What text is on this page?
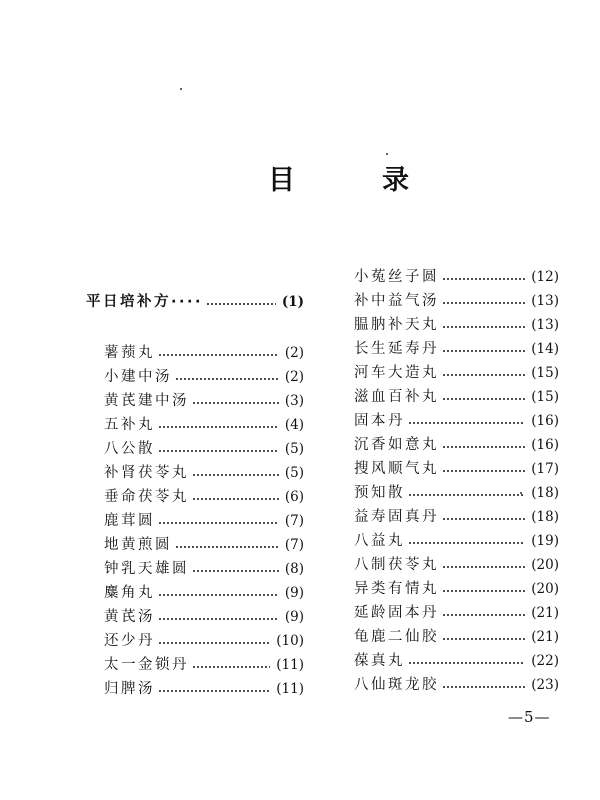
目　录
平日培补方····	(1)
薯蓣丸	(2)
小建中汤	(2)
黄芪建中汤	(3)
五补丸	(4)
八公散	(5)
补肾茯苓丸	(5)
垂命茯苓丸	(6)
鹿茸圆	(7)
地黄煎圆	(7)
钟乳天雄圆	(8)
麋角丸	(9)
黄芪汤	(9)
还少丹	(10)
太一金锁丹	(11)
归脾汤	(11)
小菟丝子圆	(12)
补中益气汤	(13)
腽肭补天丸	(13)
长生延寿丹	(14)
河车大造丸	(15)
滋血百补丸	(15)
固本丹	(16)
沉香如意丸	(16)
搜风顺气丸	(17)
预知散	(18)
益寿固真丹	(18)
八益丸	(19)
八制茯苓丸	(20)
异类有情丸	(20)
延龄固本丹	(21)
龟鹿二仙胶	(21)
葆真丸	(22)
八仙斑龙胶	(23)
—5—
